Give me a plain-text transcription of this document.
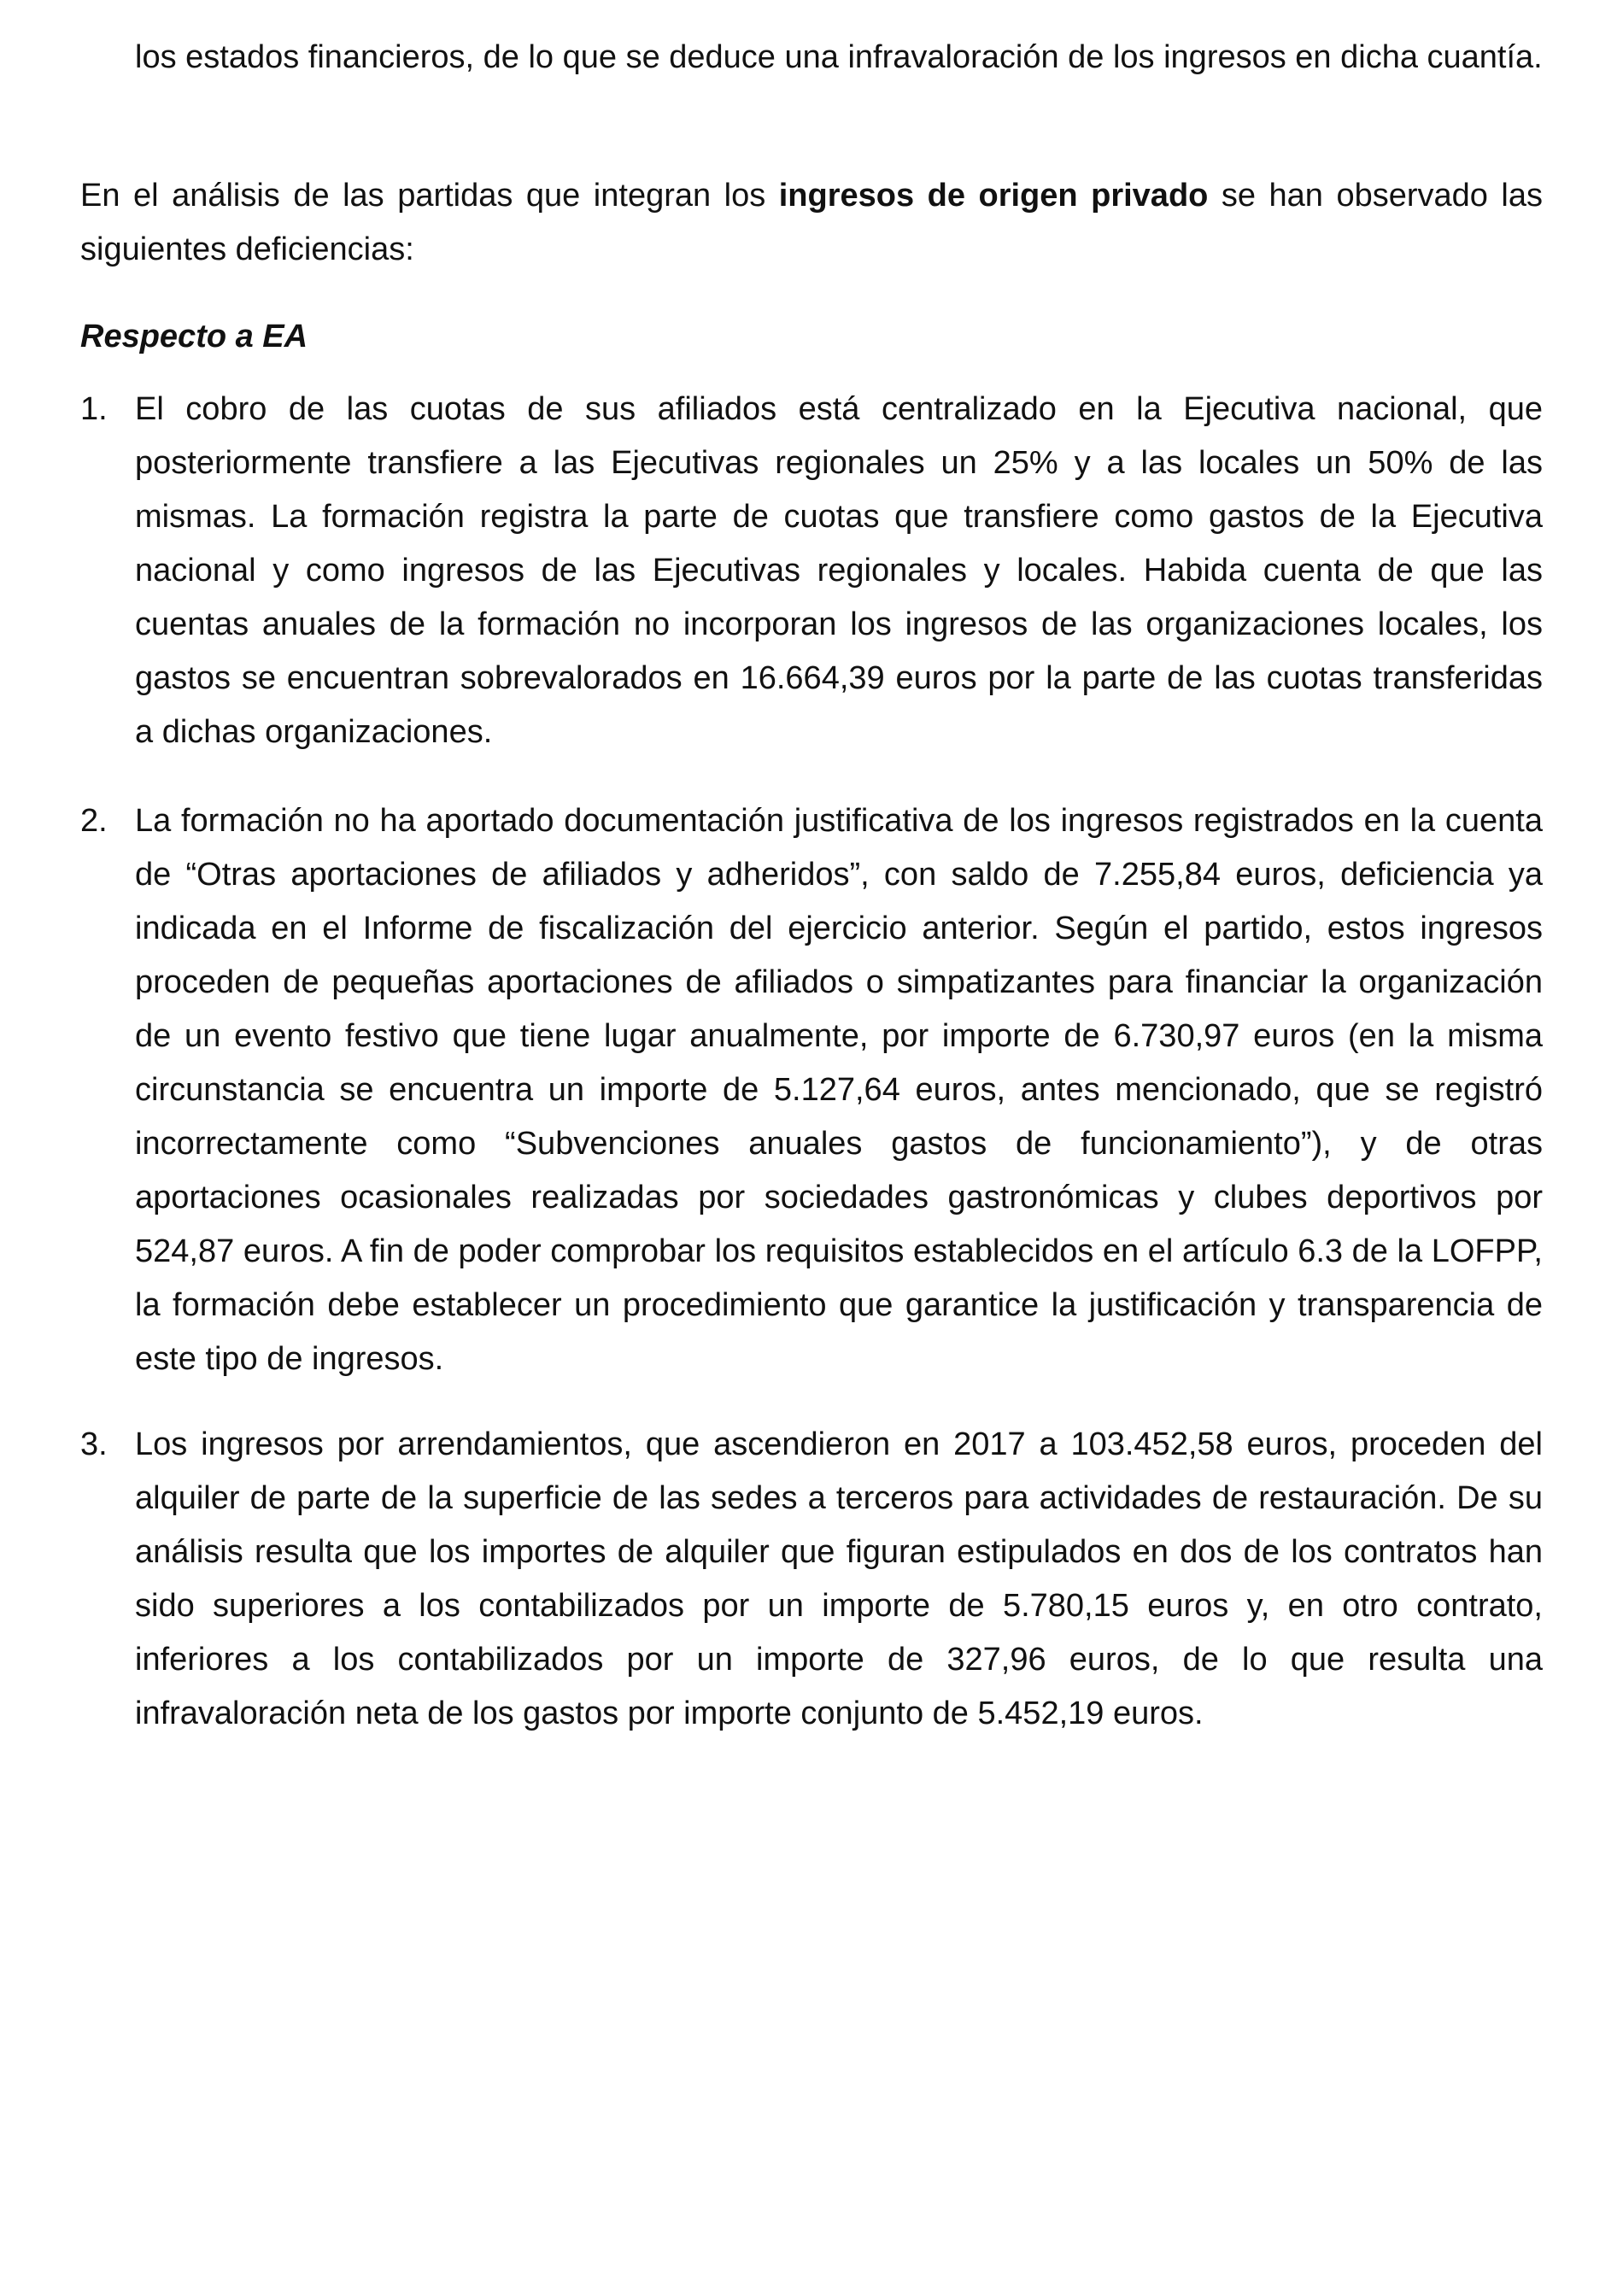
los estados financieros, de lo que se deduce una infravaloración de los ingresos en dicha cuantía.

En el análisis de las partidas que integran los ingresos de origen privado se han observado las siguientes deficiencias:

Respecto a EA

1. El cobro de las cuotas de sus afiliados está centralizado en la Ejecutiva nacional, que posteriormente transfiere a las Ejecutivas regionales un 25% y a las locales un 50% de las mismas. La formación registra la parte de cuotas que transfiere como gastos de la Ejecutiva nacional y como ingresos de las Ejecutivas regionales y locales. Habida cuenta de que las cuentas anuales de la formación no incorporan los ingresos de las organizaciones locales, los gastos se encuentran sobrevalorados en 16.664,39 euros por la parte de las cuotas transferidas a dichas organizaciones.
2. La formación no ha aportado documentación justificativa de los ingresos registrados en la cuenta de “Otras aportaciones de afiliados y adheridos”, con saldo de 7.255,84 euros, deficiencia ya indicada en el Informe de fiscalización del ejercicio anterior. Según el partido, estos ingresos proceden de pequeñas aportaciones de afiliados o simpatizantes para financiar la organización de un evento festivo que tiene lugar anualmente, por importe de 6.730,97 euros (en la misma circunstancia se encuentra un importe de 5.127,64 euros, antes mencionado, que se registró incorrectamente como “Subvenciones anuales gastos de funcionamiento”), y de otras aportaciones ocasionales realizadas por sociedades gastronómicas y clubes deportivos por 524,87 euros. A fin de poder comprobar los requisitos establecidos en el artículo 6.3 de la LOFPP, la formación debe establecer un procedimiento que garantice la justificación y transparencia de este tipo de ingresos.
3. Los ingresos por arrendamientos, que ascendieron en 2017 a 103.452,58 euros, proceden del alquiler de parte de la superficie de las sedes a terceros para actividades de restauración. De su análisis resulta que los importes de alquiler que figuran estipulados en dos de los contratos han sido superiores a los contabilizados por un importe de 5.780,15 euros y, en otro contrato, inferiores a los contabilizados por un importe de 327,96 euros, de lo que resulta una infravaloración neta de los gastos por importe conjunto de 5.452,19 euros.
